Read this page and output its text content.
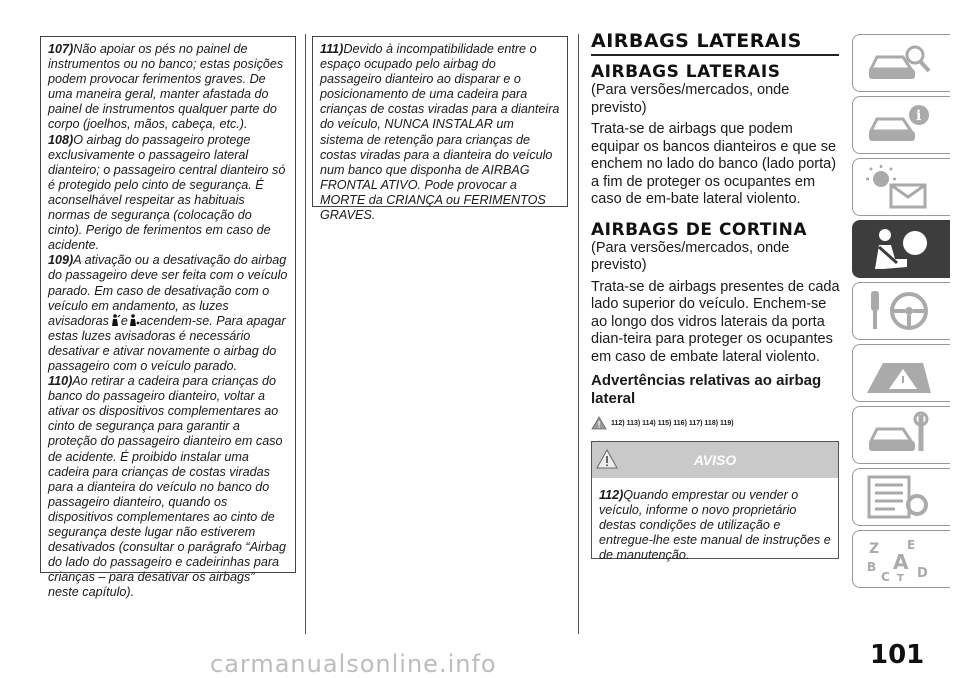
107)Não apoiar os pés no painel de instrumentos ou no banco; estas posições podem provocar ferimentos graves. De uma maneira geral, manter afastada do painel de instrumentos qualquer parte do corpo (joelhos, mãos, cabeça, etc.).

108)O airbag do passageiro protege exclusivamente o passageiro lateral dianteiro; o passageiro central dianteiro só é protegido pelo cinto de segurança. É aconselhável respeitar as habituais normas de segurança (colocação do cinto). Perigo de ferimentos em caso de acidente.

109)A ativação ou a desativação do airbag do passageiro deve ser feita com o veículo parado. Em caso de desativação com o veículo em andamento, as luzes avisadoras e acendem-se. Para apagar estas luzes avisadoras é necessário desativar e ativar novamente o airbag do passageiro com o veículo parado.

110)Ao retirar a cadeira para crianças do banco do passageiro dianteiro, voltar a ativar os dispositivos complementares ao cinto de segurança para garantir a proteção do passageiro dianteiro em caso de acidente. É proibido instalar uma cadeira para crianças de costas viradas para a dianteira do veículo no banco do passageiro dianteiro, quando os dispositivos complementares ao cinto de segurança deste lugar não estiverem desativados (consultar o parágrafo “Airbag do lado do passageiro e cadeirinhas para crianças – para desativar os airbags” neste capítulo).

111)Devido à incompatibilidade entre o espaço ocupado pelo airbag do passageiro dianteiro ao disparar e o posicionamento de uma cadeira para crianças de costas viradas para a dianteira do veículo, NUNCA INSTALAR um sistema de retenção para crianças de costas viradas para a dianteira do veículo num banco que disponha de AIRBAG FRONTAL ATIVO. Pode provocar a MORTE da CRIANÇA ou FERIMENTOS GRAVES.

AIRBAGS LATERAIS
AIRBAGS LATERAIS

(Para versões/mercados, onde previsto)

Trata-se de airbags que podem equipar os bancos dianteiros e que se enchem no lado do banco (lado porta) a fim de proteger os ocupantes em caso de em-bate lateral violento.

AIRBAGS DE CORTINA

(Para versões/mercados, onde previsto)

Trata-se de airbags presentes de cada lado superior do veículo. Enchem-se ao longo dos vidros laterais da porta dian-teira para proteger os ocupantes em caso de embate lateral violento.

Advertências relativas ao airbag lateral

112) 113) 114) 115) 116) 117) 118) 119)
AVISO
112)Quando emprestar ou vender o veículo, informe o novo proprietário destas condições de utilização e entregue-lhe este manual de instruções e de manutenção.
i
Z E
B A
C T D
101
carmanualsonline.info
